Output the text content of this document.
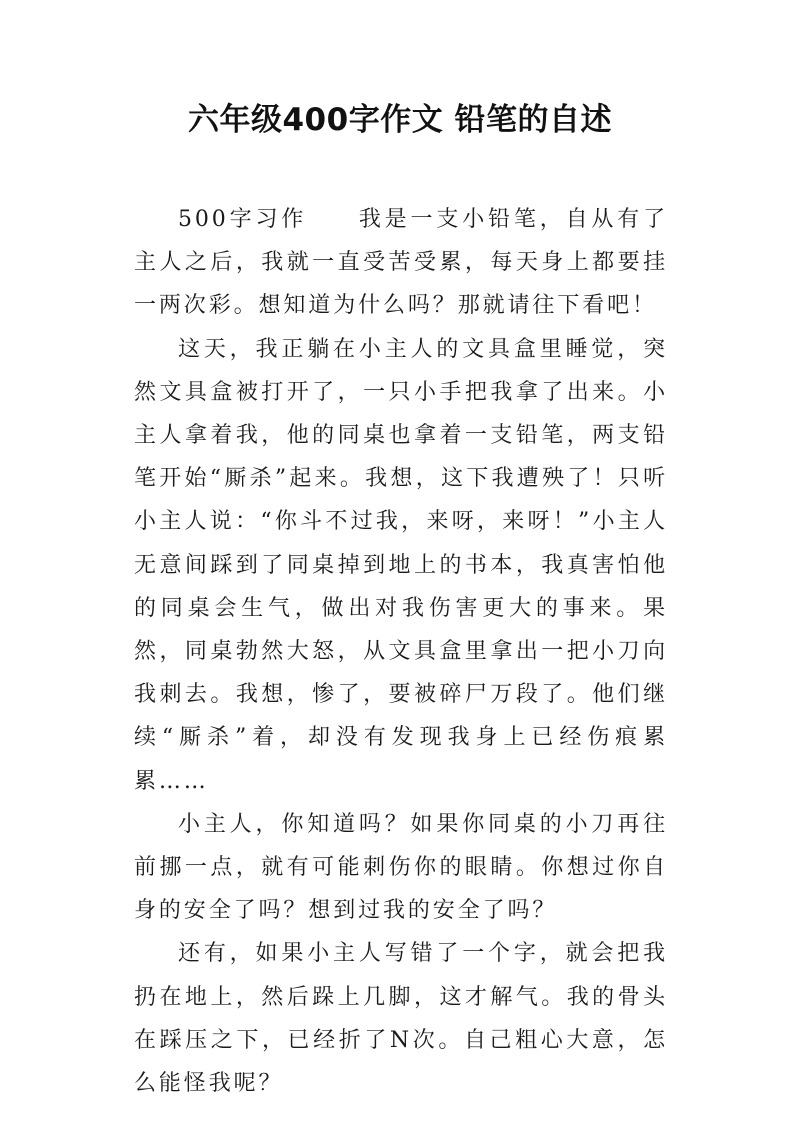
六年级400字作文 铅笔的自述

500字习作　　我是一支小铅笔，自从有了主人之后，我就一直受苦受累，每天身上都要挂一两次彩。想知道为什么吗？那就请往下看吧！

这天，我正躺在小主人的文具盒里睡觉，突然文具盒被打开了，一只小手把我拿了出来。小主人拿着我，他的同桌也拿着一支铅笔，两支铅笔开始“厮杀”起来。我想，这下我遭殃了！只听小主人说：“你斗不过我，来呀，来呀！”小主人无意间踩到了同桌掉到地上的书本，我真害怕他的同桌会生气，做出对我伤害更大的事来。果然，同桌勃然大怒，从文具盒里拿出一把小刀向我刺去。我想，惨了，要被碎尸万段了。他们继续“厮杀”着，却没有发现我身上已经伤痕累累……

小主人，你知道吗？如果你同桌的小刀再往前挪一点，就有可能刺伤你的眼睛。你想过你自身的安全了吗？想到过我的安全了吗？

还有，如果小主人写错了一个字，就会把我扔在地上，然后跺上几脚，这才解气。我的骨头在踩压之下，已经折了N次。自己粗心大意，怎么能怪我呢？
